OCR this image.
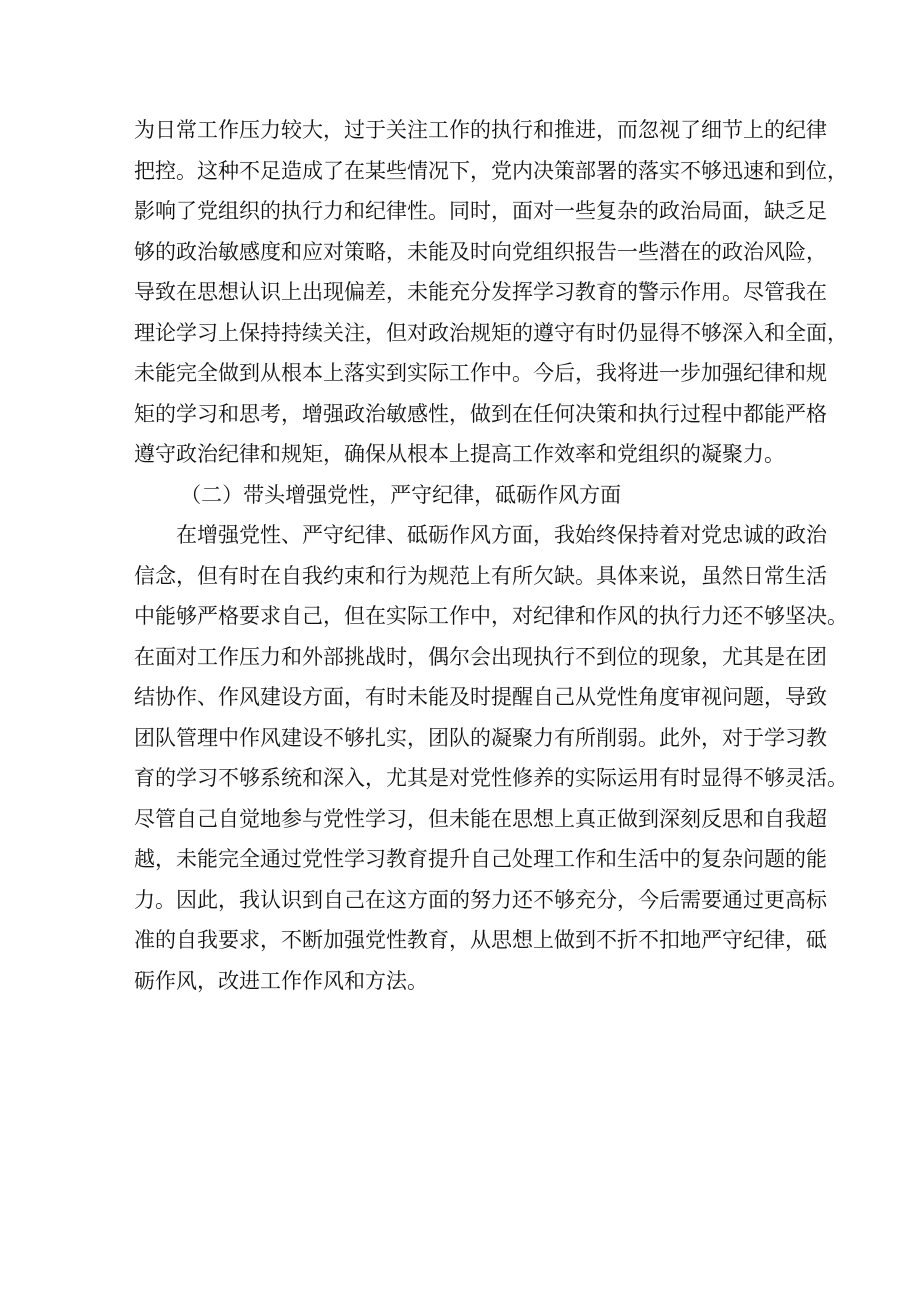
为日常工作压力较大，过于关注工作的执行和推进，而忽视了细节上的纪律
把控。这种不足造成了在某些情况下，党内决策部署的落实不够迅速和到位，
影响了党组织的执行力和纪律性。同时，面对一些复杂的政治局面，缺乏足
够的政治敏感度和应对策略，未能及时向党组织报告一些潜在的政治风险，
导致在思想认识上出现偏差，未能充分发挥学习教育的警示作用。尽管我在
理论学习上保持持续关注，但对政治规矩的遵守有时仍显得不够深入和全面，
未能完全做到从根本上落实到实际工作中。今后，我将进一步加强纪律和规
矩的学习和思考，增强政治敏感性，做到在任何决策和执行过程中都能严格
遵守政治纪律和规矩，确保从根本上提高工作效率和党组织的凝聚力。
（二）带头增强党性，严守纪律，砥砺作风方面
在增强党性、严守纪律、砥砺作风方面，我始终保持着对党忠诚的政治
信念，但有时在自我约束和行为规范上有所欠缺。具体来说，虽然日常生活
中能够严格要求自己，但在实际工作中，对纪律和作风的执行力还不够坚决。
在面对工作压力和外部挑战时，偶尔会出现执行不到位的现象，尤其是在团
结协作、作风建设方面，有时未能及时提醒自己从党性角度审视问题，导致
团队管理中作风建设不够扎实，团队的凝聚力有所削弱。此外，对于学习教
育的学习不够系统和深入，尤其是对党性修养的实际运用有时显得不够灵活。
尽管自己自觉地参与党性学习，但未能在思想上真正做到深刻反思和自我超
越，未能完全通过党性学习教育提升自己处理工作和生活中的复杂问题的能
力。因此，我认识到自己在这方面的努力还不够充分，今后需要通过更高标
准的自我要求，不断加强党性教育，从思想上做到不折不扣地严守纪律，砥
砺作风，改进工作作风和方法。
